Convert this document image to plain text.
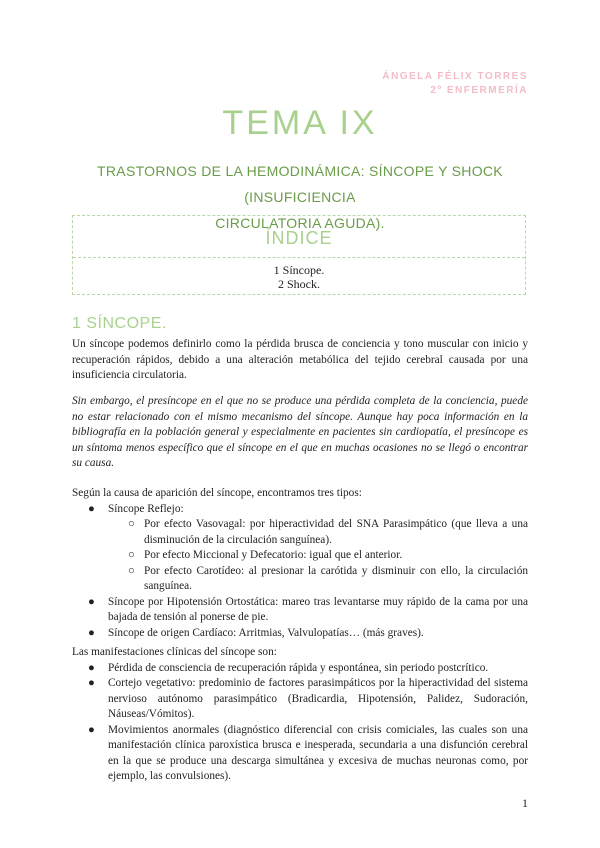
ÁNGELA FÉLIX TORRES
2º ENFERMERÍA
TEMA IX
TRASTORNOS DE LA HEMODINÁMICA: SÍNCOPE Y SHOCK (INSUFICIENCIA
CIRCULATORIA AGUDA).
ÍNDICE
1 Síncope.
2 Shock.
1 SÍNCOPE.
Un síncope podemos definirlo como la pérdida brusca de conciencia y tono muscular con inicio y recuperación rápidos, debido a una alteración metabólica del tejido cerebral causada por una insuficiencia circulatoria.
Sin embargo, el presíncope en el que no se produce una pérdida completa de la conciencia, puede no estar relacionado con el mismo mecanismo del síncope. Aunque hay poca información en la bibliografía en la población general y especialmente en pacientes sin cardiopatía, el presíncope es un síntoma menos específico que el síncope en el que en muchas ocasiones no se llegó o encontrar su causa.
Según la causa de aparición del síncope, encontramos tres tipos:
● Síncope Reflejo:
○ Por efecto Vasovagal: por hiperactividad del SNA Parasimpático (que lleva a una disminución de la circulación sanguínea).
○ Por efecto Miccional y Defecatorio: igual que el anterior.
○ Por efecto Carotídeo: al presionar la carótida y disminuir con ello, la circulación sanguínea.
● Síncope por Hipotensión Ortostática: mareo tras levantarse muy rápido de la cama por una bajada de tensión al ponerse de pie.
● Síncope de origen Cardíaco: Arritmias, Valvulopatías… (más graves).
Las manifestaciones clínicas del síncope son:
● Pérdida de consciencia de recuperación rápida y espontánea, sin periodo postcrítico.
● Cortejo vegetativo: predominio de factores parasimpáticos por la hiperactividad del sistema nervioso autónomo parasimpático (Bradicardia, Hipotensión, Palidez, Sudoración, Náuseas/Vómitos).
● Movimientos anormales (diagnóstico diferencial con crisis comiciales, las cuales son una manifestación clínica paroxística brusca e inesperada, secundaria a una disfunción cerebral en la que se produce una descarga simultánea y excesiva de muchas neuronas como, por ejemplo, las convulsiones).
1
